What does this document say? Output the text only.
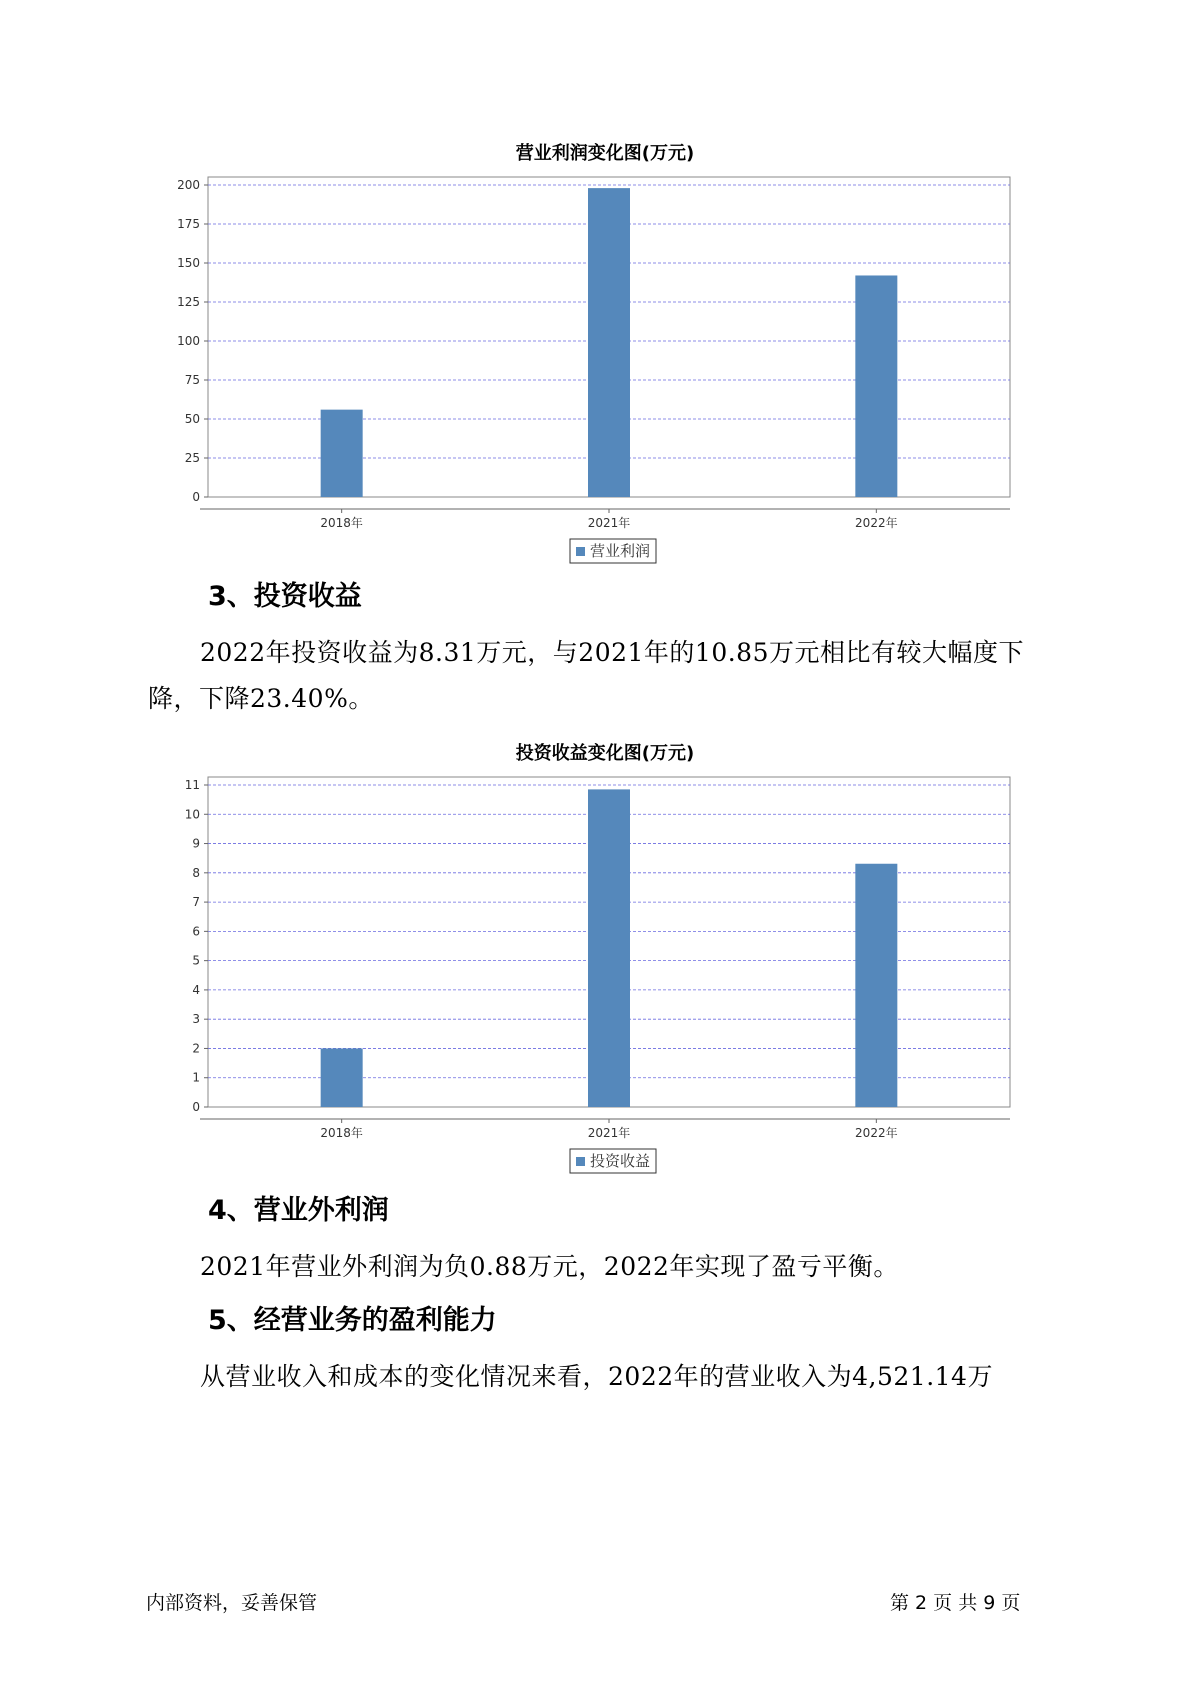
营业利润变化图(万元)
0
25
50
75
100
125
150
175
200
2018年	2021年	2022年
营业利润
3、投资收益
2022年投资收益为8.31万元，与2021年的10.85万元相比有较大幅度下
降，下降23.40%。
投资收益变化图(万元)
0
1
2
3
4
5
6
7
8
9
10
11
2018年	2021年	2022年
投资收益
4、营业外利润
2021年营业外利润为负0.88万元，2022年实现了盈亏平衡。
5、经营业务的盈利能力
从营业收入和成本的变化情况来看，2022年的营业收入为4,521.14万
内部资料，妥善保管	第 2 页 共 9 页
